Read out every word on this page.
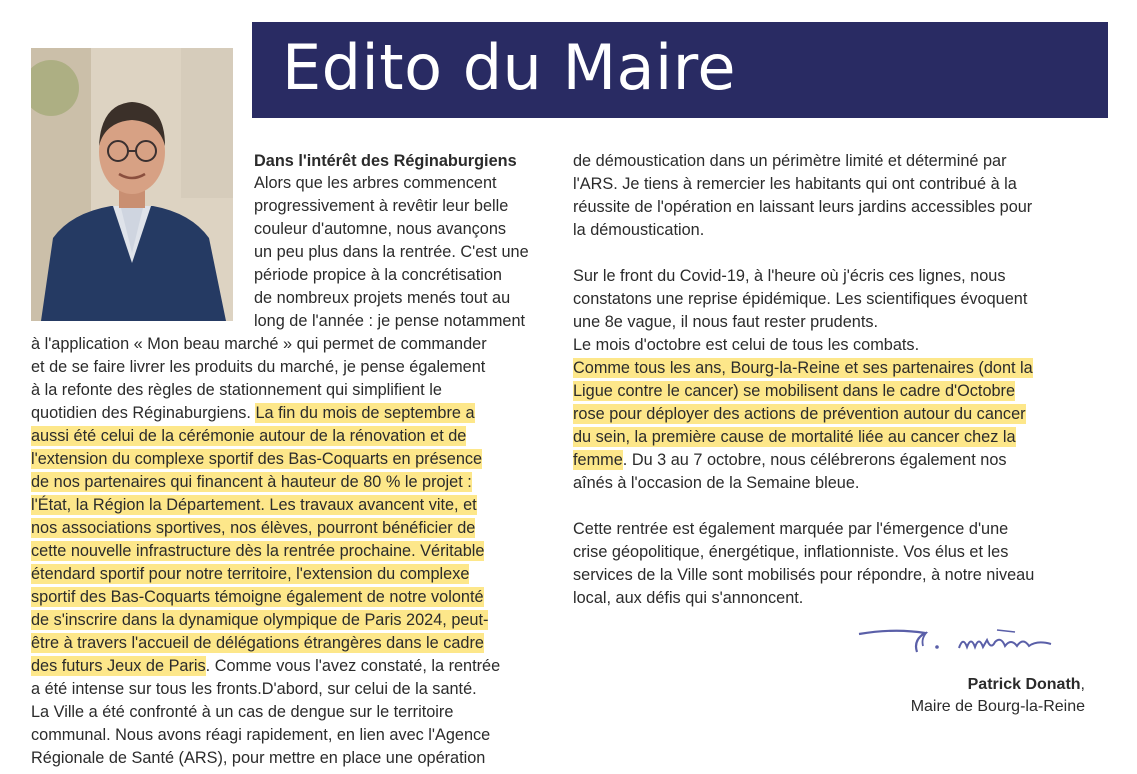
Edito du Maire
Dans l'intérêt des Réginaburgiens
Alors que les arbres commencent
progressivement à revêtir leur belle
couleur d'automne, nous avançons
un peu plus dans la rentrée. C'est une
période propice à la concrétisation
de nombreux projets menés tout au
long de l'année : je pense notamment
à l'application « Mon beau marché » qui permet de commander
et de se faire livrer les produits du marché, je pense également
à la refonte des règles de stationnement qui simplifient le
quotidien des Réginaburgiens. La fin du mois de septembre a
aussi été celui de la cérémonie autour de la rénovation et de
l'extension du complexe sportif des Bas-Coquarts en présence
de nos partenaires qui financent à hauteur de 80 % le projet :
l'État, la Région la Département. Les travaux avancent vite, et
nos associations sportives, nos élèves, pourront bénéficier de
cette nouvelle infrastructure dès la rentrée prochaine. Véritable
étendard sportif pour notre territoire, l'extension du complexe
sportif des Bas-Coquarts témoigne également de notre volonté
de s'inscrire dans la dynamique olympique de Paris 2024, peut-
être à travers l'accueil de délégations étrangères dans le cadre
des futurs Jeux de Paris. Comme vous l'avez constaté, la rentrée
a été intense sur tous les fronts.D'abord, sur celui de la santé.
La Ville a été confronté à un cas de dengue sur le territoire
communal. Nous avons réagi rapidement, en lien avec l'Agence
Régionale de Santé (ARS), pour mettre en place une opération
de démoustication dans un périmètre limité et déterminé par
l'ARS. Je tiens à remercier les habitants qui ont contribué à la
réussite de l'opération en laissant leurs jardins accessibles pour
la démoustication.
Sur le front du Covid-19, à l'heure où j'écris ces lignes, nous
constatons une reprise épidémique. Les scientifiques évoquent
une 8e vague, il nous faut rester prudents.
Le mois d'octobre est celui de tous les combats.
Comme tous les ans, Bourg-la-Reine et ses partenaires (dont la
Ligue contre le cancer) se mobilisent dans le cadre d'Octobre
rose pour déployer des actions de prévention autour du cancer
du sein, la première cause de mortalité liée au cancer chez la
femme. Du 3 au 7 octobre, nous célébrerons également nos
aînés à l'occasion de la Semaine bleue.
Cette rentrée est également marquée par l'émergence d'une
crise géopolitique, énergétique, inflationniste. Vos élus et les
services de la Ville sont mobilisés pour répondre, à notre niveau
local, aux défis qui s'annoncent.
Patrick Donath,
Maire de Bourg-la-Reine
